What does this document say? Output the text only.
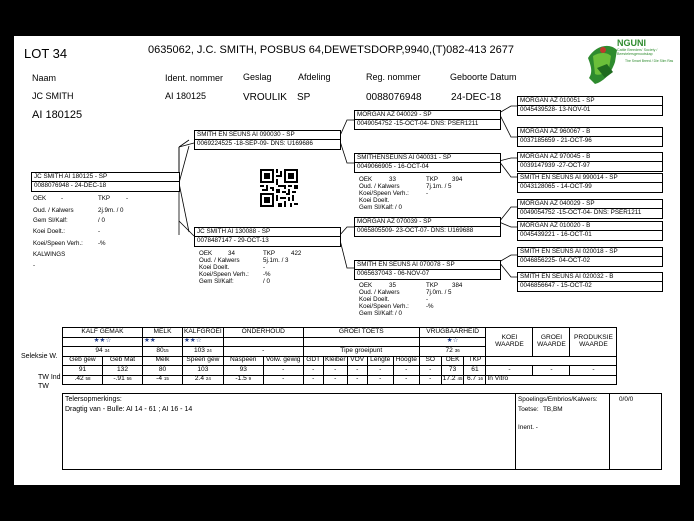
LOT 34	0635062, J.C. SMITH, POSBUS 64,DEWETSDORP,9940,(T)082-413 2677
NGUNI
Cattle Breeders' Society / Beestelersgenootskap
The Smart Breed / Die Slim Ras
Naam	Ident. nommer Geslag	Afdeling	Reg. nommer	Geboorte Datum
JC SMITH	AI 180125	VROULIK SP	0088076948	24-DEC-18
AI 180125
JC SMITH AI 180125 - SP
0088076948 - 24-DEC-18
OEK -	TKP	-
Oud. / Kalwers	2j.9m. / 0
Gem Sl/Kalf:	/ 0
Koei Doelt.:	-
Koei/Speen Verh.: -%
KALWINGS
-
SMITH EN SEUNS AI 090030 - SP
0069224525 -18-SEP-09- DNS: U169686
JC SMITH AI 130088 - SP
0078487147 - 29-OCT-13
OEK	34	TKP	422
Oud. / Kalwers	5j.1m. / 3
Koei Doelt.	-
Koei/Speen Verh.: -%
Gem Sl/Kalf:	/ 0
MORGAN AZ 040029 - SP
0049054752 -15-OCT-04- DNS: PSER1211
SMITHENSEUNS AI 040031 - SP
0049066905 - 16-OCT-04
OEK	33	TKP 394
Oud. / Kalwers	7j.1m. / 5
Koei/Speen Verh.:	-
Koei Doelt.
Gem Sl/Kalf: / 0
MORGAN AZ 070039 - SP
0065805509- 23-OCT-07- DNS: U169688
SMITH EN SEUNS AI 070078 - SP
0065637043 - 06-NOV-07
OEK	35	TKP 384
Oud. / Kalwers	7j.0m. / 5
Koei Doelt.	-
Koei/Speen Verh.:	-%
Gem Sl/Kalf: / 0
MORGAN AZ 010051 - SP
0045439528- 13-NOV-01
MORGAN AZ 960067 - B
0037185659 - 21-OCT-96
MORGAN AZ 970045 - B
0039147939 -27-OCT-97
SMITH EN SEUNS AI 990014 - SP
0043128065 - 14-OCT-99
MORGAN AZ 040029 - SP
0049054752 -15-OCT-04- DNS: PSER1211
MORGAN AZ 010020 - B
0045439221 - 16-OCT-01
SMITH EN SEUNS AI 020018 - SP
0046856225- 04-OCT-02
SMITH EN SEUNS AI 020032 - B
0046856647 - 15-OCT-02
KALF GEMAK		MELK	KALFGROEI	ONDERHOUD		GROEI TOETS					VRUGBAARHEID			KOEI WAARDE	GROEI WAARDE	PRODUKSIE WAARDE
★★☆		★★	★★☆								★☆					
94 34		8015	103 24	-		Tipe groeipunt					72 36					
Geb gew	Geb Mat	Melk	Speen gew	Naspeen	Volw. gewig	GDT	Kleiber	VOV	Lengte	Hoogte	SO	OEK	TKP			
91	132	80	103	93	-	-	-	-	-	-	-	73	61	-	-	-
.42 58	-.91 56	-4 15	2.4 24	-1.5 9	-	-	-	-	-	-	-	17.2 45	6.7 16	In Vitro		
Seleksie W.
TW Ind
TW
Telersopmerkings:
Dragtig van - Bulle: AI 14 - 61 ; AI 16 - 14
Spoelings/Embrios/Kalwers:	0/0/0
Toetse: TB,BM
Inent. -
